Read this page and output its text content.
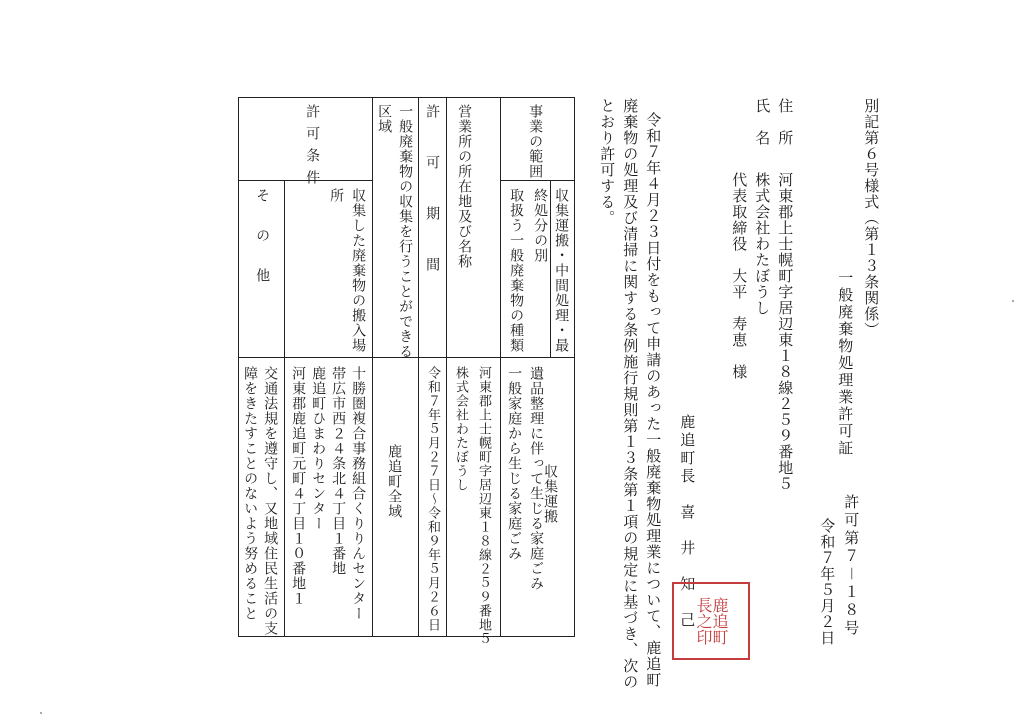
別記第６号様式（第１３条関係）
一般廃棄物処理業許可証
許可第７－１８号
令和７年５月２日
住　所
河東郡上士幌町字居辺東１８線２５９番地５
氏　名
株式会社わたぼうし
代表取締役　大平　寿恵　様
鹿追町長　喜　井　知　己 鹿追町
長之印
令和７年４月２３日付をもって申請のあった一般廃棄物処理業について、鹿追町
廃棄物の処理及び清掃に関する条例施行規則第１３条第１項の規定に基づき、次の
とおり許可する。
事業の範囲
収集運搬・中間処理・最
終処分の別
取扱う一般廃棄物の種類
営業所の所在地及び名称
許　　可　　期　　間
一般廃棄物の収集を行うことができる
区域
許可条件
収集した廃棄物の搬入場
所
そ　の　他
収集運搬
遺品整理に伴って生じる家庭ごみ
一般家庭から生じる家庭ごみ
河東郡上士幌町字居辺東１８線２５９番地５
株式会社わたぼうし
令和７年５月２７日～令和９年５月２６日
鹿追町全域
十勝圏複合事務組合くりりんセンター
帯広市西２４条北４丁目１番地
鹿追町ひまわりセンター
河東郡鹿追町元町４丁目１０番地１
交通法規を遵守し、又地域住民生活の支
障をきたすことのないよう努めること
